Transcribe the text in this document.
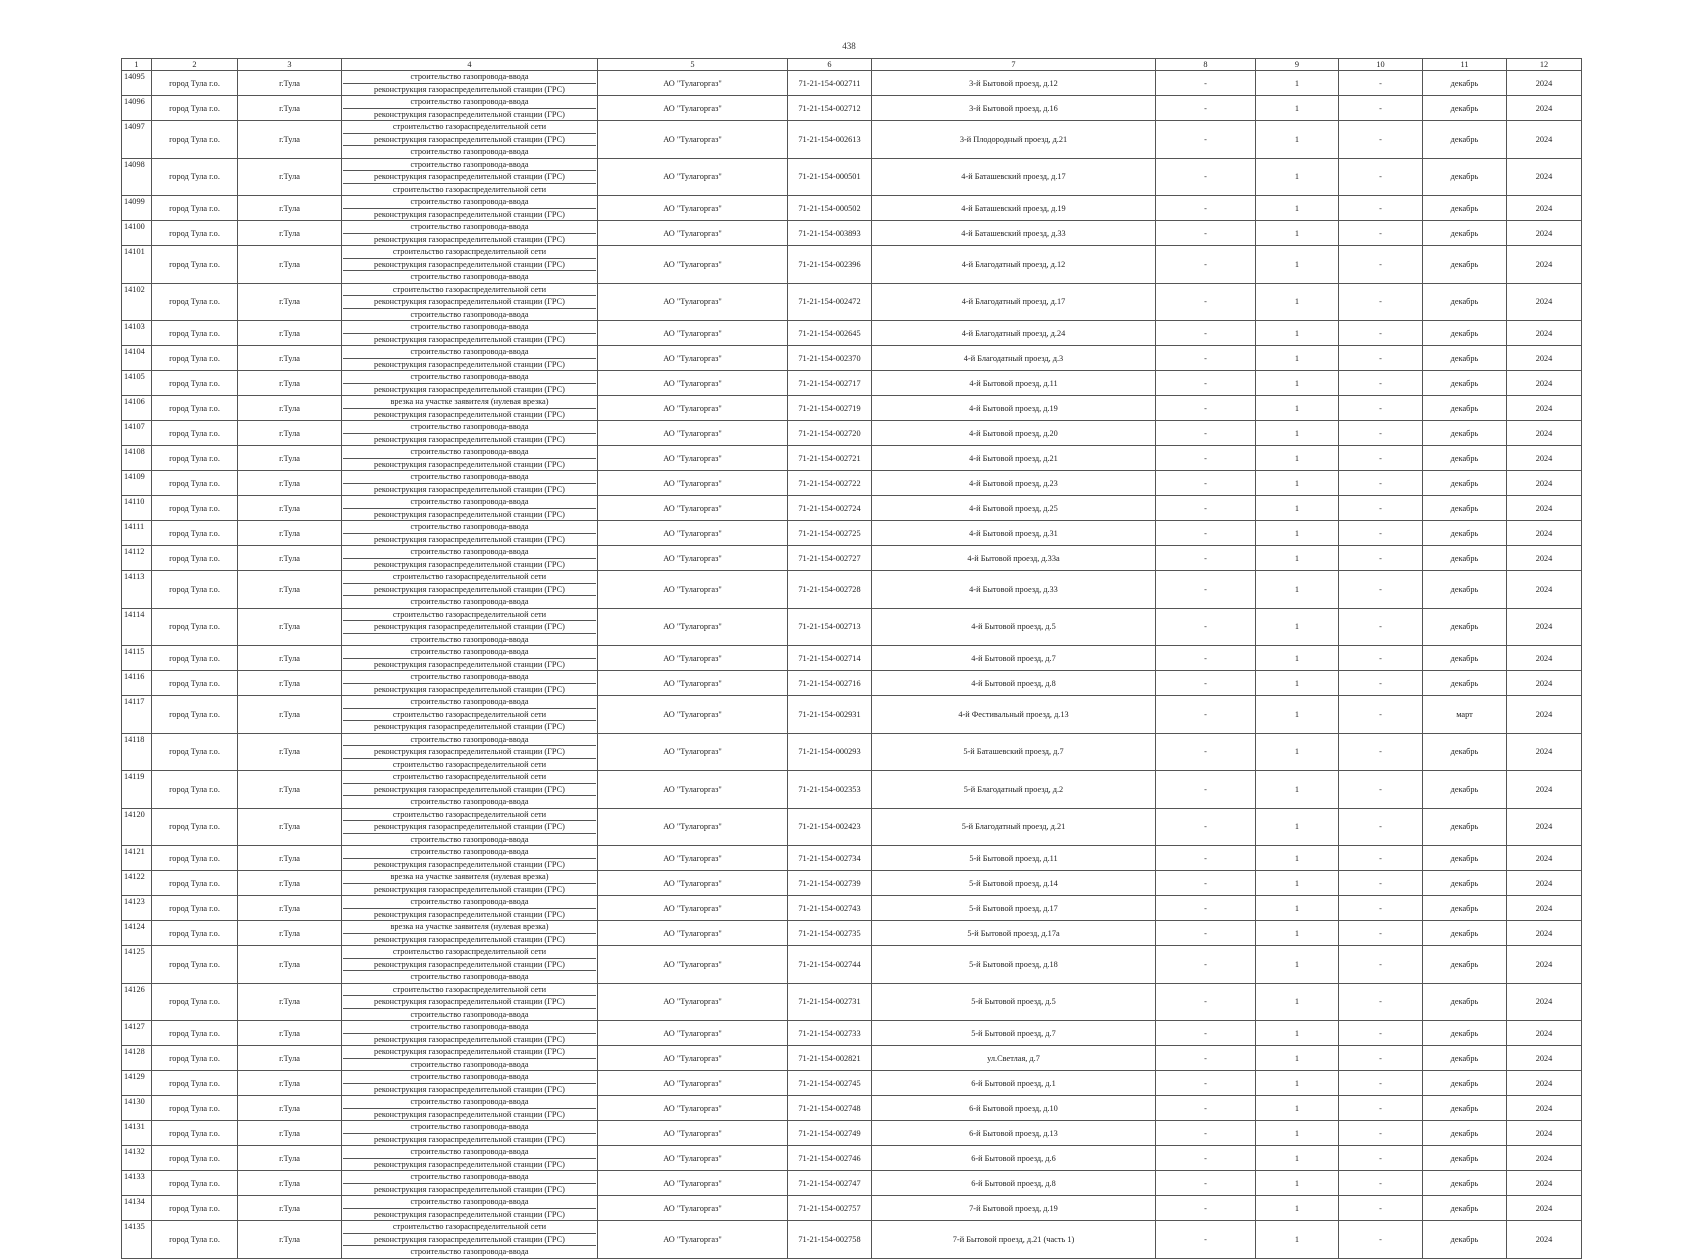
438
1	2	3	4	5	6	7	8	9	10	11	12
14095	город Тула г.о.	г.Тула	строительство газопровода-ввода
реконструкция газораспределительной станции (ГРС)	АО "Тулагоргаз"	71-21-154-002711	3-й Бытовой проезд, д.12	-	1	-	декабрь	2024
14096	город Тула г.о.	г.Тула	строительство газопровода-ввода
реконструкция газораспределительной станции (ГРС)	АО "Тулагоргаз"	71-21-154-002712	3-й Бытовой проезд, д.16	-	1	-	декабрь	2024
14097	город Тула г.о.	г.Тула	строительство газораспределительной сети
реконструкция газораспределительной станции (ГРС)
строительство газопровода-ввода	АО "Тулагоргаз"	71-21-154-002613	3-й Плодородный проезд, д.21	-	1	-	декабрь	2024
14098	город Тула г.о.	г.Тула	строительство газопровода-ввода
реконструкция газораспределительной станции (ГРС)
строительство газораспределительной сети	АО "Тулагоргаз"	71-21-154-000501	4-й Баташевский проезд, д.17	-	1	-	декабрь	2024
14099	город Тула г.о.	г.Тула	строительство газопровода-ввода
реконструкция газораспределительной станции (ГРС)	АО "Тулагоргаз"	71-21-154-000502	4-й Баташевский проезд, д.19	-	1	-	декабрь	2024
14100	город Тула г.о.	г.Тула	строительство газопровода-ввода
реконструкция газораспределительной станции (ГРС)	АО "Тулагоргаз"	71-21-154-003893	4-й Баташевский проезд, д.33	-	1	-	декабрь	2024
14101	город Тула г.о.	г.Тула	строительство газораспределительной сети
реконструкция газораспределительной станции (ГРС)
строительство газопровода-ввода	АО "Тулагоргаз"	71-21-154-002396	4-й Благодатный проезд, д.12	-	1	-	декабрь	2024
14102	город Тула г.о.	г.Тула	строительство газораспределительной сети
реконструкция газораспределительной станции (ГРС)
строительство газопровода-ввода	АО "Тулагоргаз"	71-21-154-002472	4-й Благодатный проезд, д.17	-	1	-	декабрь	2024
14103	город Тула г.о.	г.Тула	строительство газопровода-ввода
реконструкция газораспределительной станции (ГРС)	АО "Тулагоргаз"	71-21-154-002645	4-й Благодатный проезд, д.24	-	1	-	декабрь	2024
14104	город Тула г.о.	г.Тула	строительство газопровода-ввода
реконструкция газораспределительной станции (ГРС)	АО "Тулагоргаз"	71-21-154-002370	4-й Благодатный проезд, д.3	-	1	-	декабрь	2024
14105	город Тула г.о.	г.Тула	строительство газопровода-ввода
реконструкция газораспределительной станции (ГРС)	АО "Тулагоргаз"	71-21-154-002717	4-й Бытовой проезд, д.11	-	1	-	декабрь	2024
14106	город Тула г.о.	г.Тула	врезка на участке заявителя (нулевая врезка)
реконструкция газораспределительной станции (ГРС)	АО "Тулагоргаз"	71-21-154-002719	4-й Бытовой проезд, д.19	-	1	-	декабрь	2024
14107	город Тула г.о.	г.Тула	строительство газопровода-ввода
реконструкция газораспределительной станции (ГРС)	АО "Тулагоргаз"	71-21-154-002720	4-й Бытовой проезд, д.20	-	1	-	декабрь	2024
14108	город Тула г.о.	г.Тула	строительство газопровода-ввода
реконструкция газораспределительной станции (ГРС)	АО "Тулагоргаз"	71-21-154-002721	4-й Бытовой проезд, д.21	-	1	-	декабрь	2024
14109	город Тула г.о.	г.Тула	строительство газопровода-ввода
реконструкция газораспределительной станции (ГРС)	АО "Тулагоргаз"	71-21-154-002722	4-й Бытовой проезд, д.23	-	1	-	декабрь	2024
14110	город Тула г.о.	г.Тула	строительство газопровода-ввода
реконструкция газораспределительной станции (ГРС)	АО "Тулагоргаз"	71-21-154-002724	4-й Бытовой проезд, д.25	-	1	-	декабрь	2024
14111	город Тула г.о.	г.Тула	строительство газопровода-ввода
реконструкция газораспределительной станции (ГРС)	АО "Тулагоргаз"	71-21-154-002725	4-й Бытовой проезд, д.31	-	1	-	декабрь	2024
14112	город Тула г.о.	г.Тула	строительство газопровода-ввода
реконструкция газораспределительной станции (ГРС)	АО "Тулагоргаз"	71-21-154-002727	4-й Бытовой проезд, д.33а	-	1	-	декабрь	2024
14113	город Тула г.о.	г.Тула	строительство газораспределительной сети
реконструкция газораспределительной станции (ГРС)
строительство газопровода-ввода	АО "Тулагоргаз"	71-21-154-002728	4-й Бытовой проезд, д.33	-	1	-	декабрь	2024
14114	город Тула г.о.	г.Тула	строительство газораспределительной сети
реконструкция газораспределительной станции (ГРС)
строительство газопровода-ввода	АО "Тулагоргаз"	71-21-154-002713	4-й Бытовой проезд, д.5	-	1	-	декабрь	2024
14115	город Тула г.о.	г.Тула	строительство газопровода-ввода
реконструкция газораспределительной станции (ГРС)	АО "Тулагоргаз"	71-21-154-002714	4-й Бытовой проезд, д.7	-	1	-	декабрь	2024
14116	город Тула г.о.	г.Тула	строительство газопровода-ввода
реконструкция газораспределительной станции (ГРС)	АО "Тулагоргаз"	71-21-154-002716	4-й Бытовой проезд, д.8	-	1	-	декабрь	2024
14117	город Тула г.о.	г.Тула	строительство газопровода-ввода
строительство газораспределительной сети
реконструкция газораспределительной станции (ГРС)	АО "Тулагоргаз"	71-21-154-002931	4-й Фестивальный проезд, д.13	-	1	-	март	2024
14118	город Тула г.о.	г.Тула	строительство газопровода-ввода
реконструкция газораспределительной станции (ГРС)
строительство газораспределительной сети	АО "Тулагоргаз"	71-21-154-000293	5-й Баташевский проезд, д.7	-	1	-	декабрь	2024
14119	город Тула г.о.	г.Тула	строительство газораспределительной сети
реконструкция газораспределительной станции (ГРС)
строительство газопровода-ввода	АО "Тулагоргаз"	71-21-154-002353	5-й Благодатный проезд, д.2	-	1	-	декабрь	2024
14120	город Тула г.о.	г.Тула	строительство газораспределительной сети
реконструкция газораспределительной станции (ГРС)
строительство газопровода-ввода	АО "Тулагоргаз"	71-21-154-002423	5-й Благодатный проезд, д.21	-	1	-	декабрь	2024
14121	город Тула г.о.	г.Тула	строительство газопровода-ввода
реконструкция газораспределительной станции (ГРС)	АО "Тулагоргаз"	71-21-154-002734	5-й Бытовой проезд, д.11	-	1	-	декабрь	2024
14122	город Тула г.о.	г.Тула	врезка на участке заявителя (нулевая врезка)
реконструкция газораспределительной станции (ГРС)	АО "Тулагоргаз"	71-21-154-002739	5-й Бытовой проезд, д.14	-	1	-	декабрь	2024
14123	город Тула г.о.	г.Тула	строительство газопровода-ввода
реконструкция газораспределительной станции (ГРС)	АО "Тулагоргаз"	71-21-154-002743	5-й Бытовой проезд, д.17	-	1	-	декабрь	2024
14124	город Тула г.о.	г.Тула	врезка на участке заявителя (нулевая врезка)
реконструкция газораспределительной станции (ГРС)	АО "Тулагоргаз"	71-21-154-002735	5-й Бытовой проезд, д.17а	-	1	-	декабрь	2024
14125	город Тула г.о.	г.Тула	строительство газораспределительной сети
реконструкция газораспределительной станции (ГРС)
строительство газопровода-ввода	АО "Тулагоргаз"	71-21-154-002744	5-й Бытовой проезд, д.18	-	1	-	декабрь	2024
14126	город Тула г.о.	г.Тула	строительство газораспределительной сети
реконструкция газораспределительной станции (ГРС)
строительство газопровода-ввода	АО "Тулагоргаз"	71-21-154-002731	5-й Бытовой проезд, д.5	-	1	-	декабрь	2024
14127	город Тула г.о.	г.Тула	строительство газопровода-ввода
реконструкция газораспределительной станции (ГРС)	АО "Тулагоргаз"	71-21-154-002733	5-й Бытовой проезд, д.7	-	1	-	декабрь	2024
14128	город Тула г.о.	г.Тула	реконструкция газораспределительной станции (ГРС)
строительство газопровода-ввода	АО "Тулагоргаз"	71-21-154-002821	ул.Светлая, д.7	-	1	-	декабрь	2024
14129	город Тула г.о.	г.Тула	строительство газопровода-ввода
реконструкция газораспределительной станции (ГРС)	АО "Тулагоргаз"	71-21-154-002745	6-й Бытовой проезд, д.1	-	1	-	декабрь	2024
14130	город Тула г.о.	г.Тула	строительство газопровода-ввода
реконструкция газораспределительной станции (ГРС)	АО "Тулагоргаз"	71-21-154-002748	6-й Бытовой проезд, д.10	-	1	-	декабрь	2024
14131	город Тула г.о.	г.Тула	строительство газопровода-ввода
реконструкция газораспределительной станции (ГРС)	АО "Тулагоргаз"	71-21-154-002749	6-й Бытовой проезд, д.13	-	1	-	декабрь	2024
14132	город Тула г.о.	г.Тула	строительство газопровода-ввода
реконструкция газораспределительной станции (ГРС)	АО "Тулагоргаз"	71-21-154-002746	6-й Бытовой проезд, д.6	-	1	-	декабрь	2024
14133	город Тула г.о.	г.Тула	строительство газопровода-ввода
реконструкция газораспределительной станции (ГРС)	АО "Тулагоргаз"	71-21-154-002747	6-й Бытовой проезд, д.8	-	1	-	декабрь	2024
14134	город Тула г.о.	г.Тула	строительство газопровода-ввода
реконструкция газораспределительной станции (ГРС)	АО "Тулагоргаз"	71-21-154-002757	7-й Бытовой проезд, д.19	-	1	-	декабрь	2024
14135	город Тула г.о.	г.Тула	строительство газораспределительной сети
реконструкция газораспределительной станции (ГРС)
строительство газопровода-ввода	АО "Тулагоргаз"	71-21-154-002758	7-й Бытовой проезд, д.21 (часть 1)	-	1	-	декабрь	2024
